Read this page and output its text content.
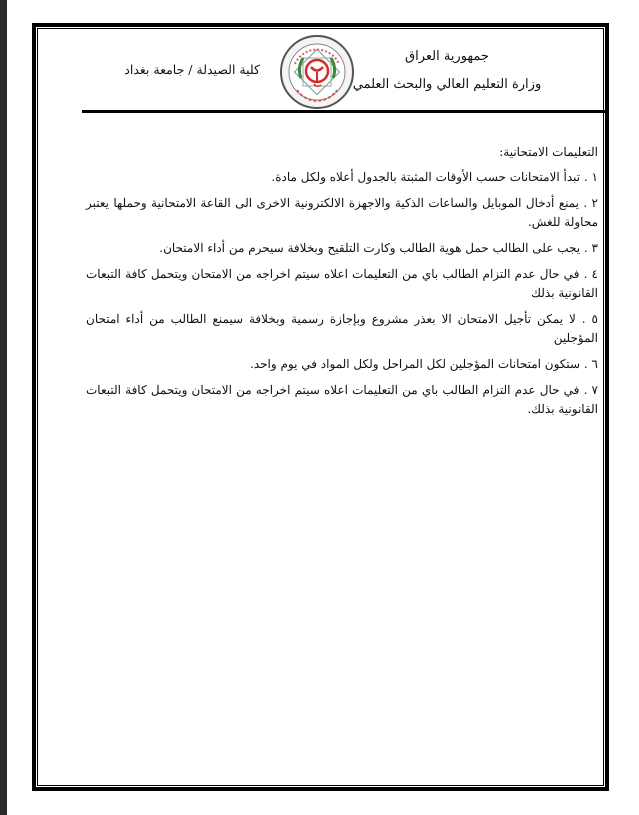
جمهورية العراق
وزارة التعليم العالي والبحث العلمي
كلية الصيدلة / جامعة بغداد
التعليمات الامتحانية:
١ . تبدأ الامتحانات حسب الأوقات المثبتة بالجدول أعلاه ولكل مادة.
٢ . يمنع أدخال الموبايل والساعات الذكية والاجهزة الالكترونية الاخرى الى القاعة الامتحانية وحملها يعتبر محاولة للغش.
٣ . يجب على الطالب حمل هوية الطالب وكارت التلقيح وبخلافة سيحرم من أداء الامتحان.
٤ . في حال عدم التزام الطالب باي من التعليمات اعلاه سيتم اخراجه من الامتحان ويتحمل كافة التبعات القانونية بذلك
٥ . لا يمكن تأجيل الامتحان الا بعذر مشروع وبإجازة رسمية وبخلافة سيمنع الطالب من أداء امتحان المؤجلين
٦ . ستكون امتحانات المؤجلين لكل المراحل ولكل المواد في يوم واحد.
٧ . في حال عدم التزام الطالب باي من التعليمات اعلاه سيتم اخراجه من الامتحان ويتحمل كافة التبعات القانونية بذلك.
